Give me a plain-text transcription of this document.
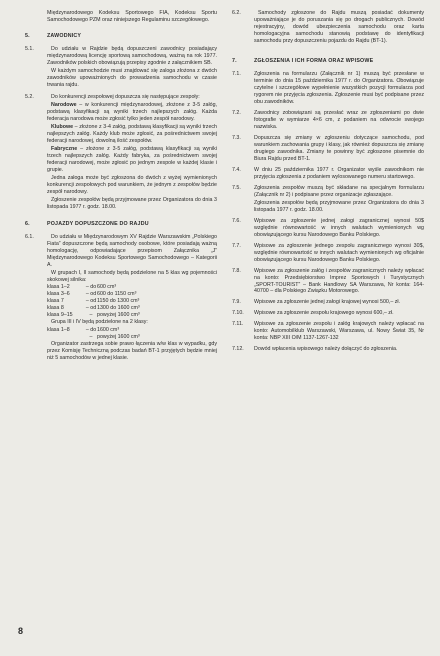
Międzynarodowego Kodeksu Sportowego FIA, Kodeksu Sportu Samochodowego PZM oraz niniejszego Regulaminu szczegółowego.
5.	ZAWODNICY
5.1.	Do udziału w Rajdzie będą dopuszczeni zawodnicy posiadający międzynarodową licencję sportową samochodową, ważną na rok 1977. Zawodników polskich obowiązują przepisy zgodnie z załącznikiem SB.
W każdym samochodzie musi znajdować się zalogа złożona z dwóch zawodników upoważnionych do prowadzenia samochodu w czasie trwania rajdu.
5.2.	Do konkurencji zespołowej dopuszcza się następujące zespoły:
Narodowe – w konkurencji międzynarodowej, złożone z 3-5 załóg, podstawą klasyfikacji są wyniki trzech najlepszych załóg. Każda federacja narodowa może zgłosić tylko jeden zespół narodowy.
Klubowe – złożone z 3-4 załóg, podstawą klasyfikacji są wyniki trzech najlepszych załóg. Każdy klub może zgłosić, za pośrednictwem swojej federacji narodowej, dowolną ilość zespołów.
Fabryczne – złożone z 3-5 załóg, podstawą klasyfikacji są wyniki trzech najlepszych załóg. Każdy fabryka, za pośrednictwem swojej federacji narodowej, może zgłosić po jednym zespole w każdej klasie i grupie.
Jedna załoga może być zgłoszona do dwóch z wyżej wymienionych konkurencji zespołowych pod warunkiem, że jednym z zespołów będzie zespół narodowy.
Zgłoszenie zespołów będą przyjmowane przez Organizatora do dnia 3 listopada 1977 r. godz. 18.00.
6.	POJAZDY DOPUSZCZONE DO RAJDU
6.1.	Do udziału w Międzynarodowym XV Rajdzie Warszawskim „Polskiego Fiata” dopuszczone będą samochody osobowe, które posiadają ważną homologację, odpowiadające przepisom Załącznika „J” Międzynarodowego Kodeksu Sportowego Samochodowego – Kategorii A.
W grupach I, II samochody będą podzielone na 5 klas wg pojemności skokowej silnika:
klasa 1–2	– do 600 cm³
klasa 3–6	– od 600 do 1150 cm³
klasa 7	– od 1150 do 1300 cm³
klasa 8	– od 1300 do 1600 cm³
klasa 9–15	– powyżej 1600 cm³
Grupa III i IV będą podzielone na 2 klasy:
klasa 1–8	– do 1600 cm³
– powyżej 1600 cm³
Organizator zastrzega sobie prawo łączenia w/w klas w wypadku, gdy przez Komisję Techniczną podczas badań BT-1 przyjętych będzie mniej niż 5 samochodów w jednej klasie.
6.2.	Samochody zgłoszone do Rajdu muszą posiadać dokumenty upoważniające je do poruszania się po drogach publicznych. Dowód rejestracyjny, dowód ubezpieczenia samochodu oraz karta homologacyjna samochodu stanowią podstawę do identyfikacji samochodu przy dopuszczeniu pojazdu do Rajdu (BT-1).
7.	ZGŁOSZENIA I ICH FORMA ORAZ WPISOWE
7.1.	Zgłoszenia na formularzu (Załącznik nr 1) muszą być przesłane w terminie do dnia 15 października 1977 r. do Organizatora. Obowiązuje czytelne i szczegółowe wypełnienie wszystkich pozycji formularza pod rygorem nie przyjęcia zgłoszenia. Zgłoszenie musi być podpisane przez obu zawodników.
7.2.	Zawodnicy zobowiązani są przesłać wraz ze zgłoszeniami po dwie fotografie w wymiarze 4×6 cm, z podaniem na odwrocie swojego nazwiska.
7.3.	Dopuszcza się zmiany w zgłoszeniu dotyczące samochodu, pod warunkiem zachowania grupy i klasy, jak również dopuszcza się zmianę drugiego zawodnika. Zmiany te powinny być zgłoszone pisemnie do Biura Rajdu przed BT-1.
7.4.	W dniu 25 października 1977 r. Organizator wyśle zawodnikom nie przyjęcia zgłoszenia z podaniem wylosowanego numeru startowego.
7.5.	Zgłoszenia zespołów muszą być składane na specjalnym formularzu (Załącznik nr 2) i podpisane przez organizacje zgłaszające.
Zgłoszenia zespołów będą przyjmowane przez Organizatora do dnia 3 listopada 1977 r. godz. 18.00.
7.6.	Wpisowe za zgłoszenie jednej załogi zagranicznej wynosi 50$ względnie równowartość w innych walutach wymienionych wg obowiązującego kursu Narodowego Banku Polskiego.
7.7.	Wpisowe za zgłoszenie jednego zespołu zagranicznego wynosi 30$, względnie równowartość w innych walutach wymienionych wg oficjalnie obowiązującego kursu Narodowego Banku Polskiego.
7.8.	Wpisowe za zgłoszenie załóg i zespołów zagranicznych należy wpłacać na konto: Przedsiębiorstwo Imprez Sportowych i Turystycznych „SPORT-TOURIST” – Bank Handlowy SA Warszawa, Nr konta: 164-40700 – dla Polskiego Związku Motorowego.
7.9.	Wpisowe za zgłoszenie jednej załogi krajowej wynosi 500,– zł.
7.10.	Wpisowe za zgłoszenie zespołu krajowego wynosi 600,– zł.
7.11.	Wpisowe za zgłoszenie zespołu i załóg krajowych należy wpłacać na konto: Automobilklub Warszawski, Warszawa, ul. Nowy Świat 35, Nr konta: NBP XIII O/M 1137-1267-132
7.12.	Dowód wpłacenia wpisowego należy dołączyć do zgłoszenia.
8
